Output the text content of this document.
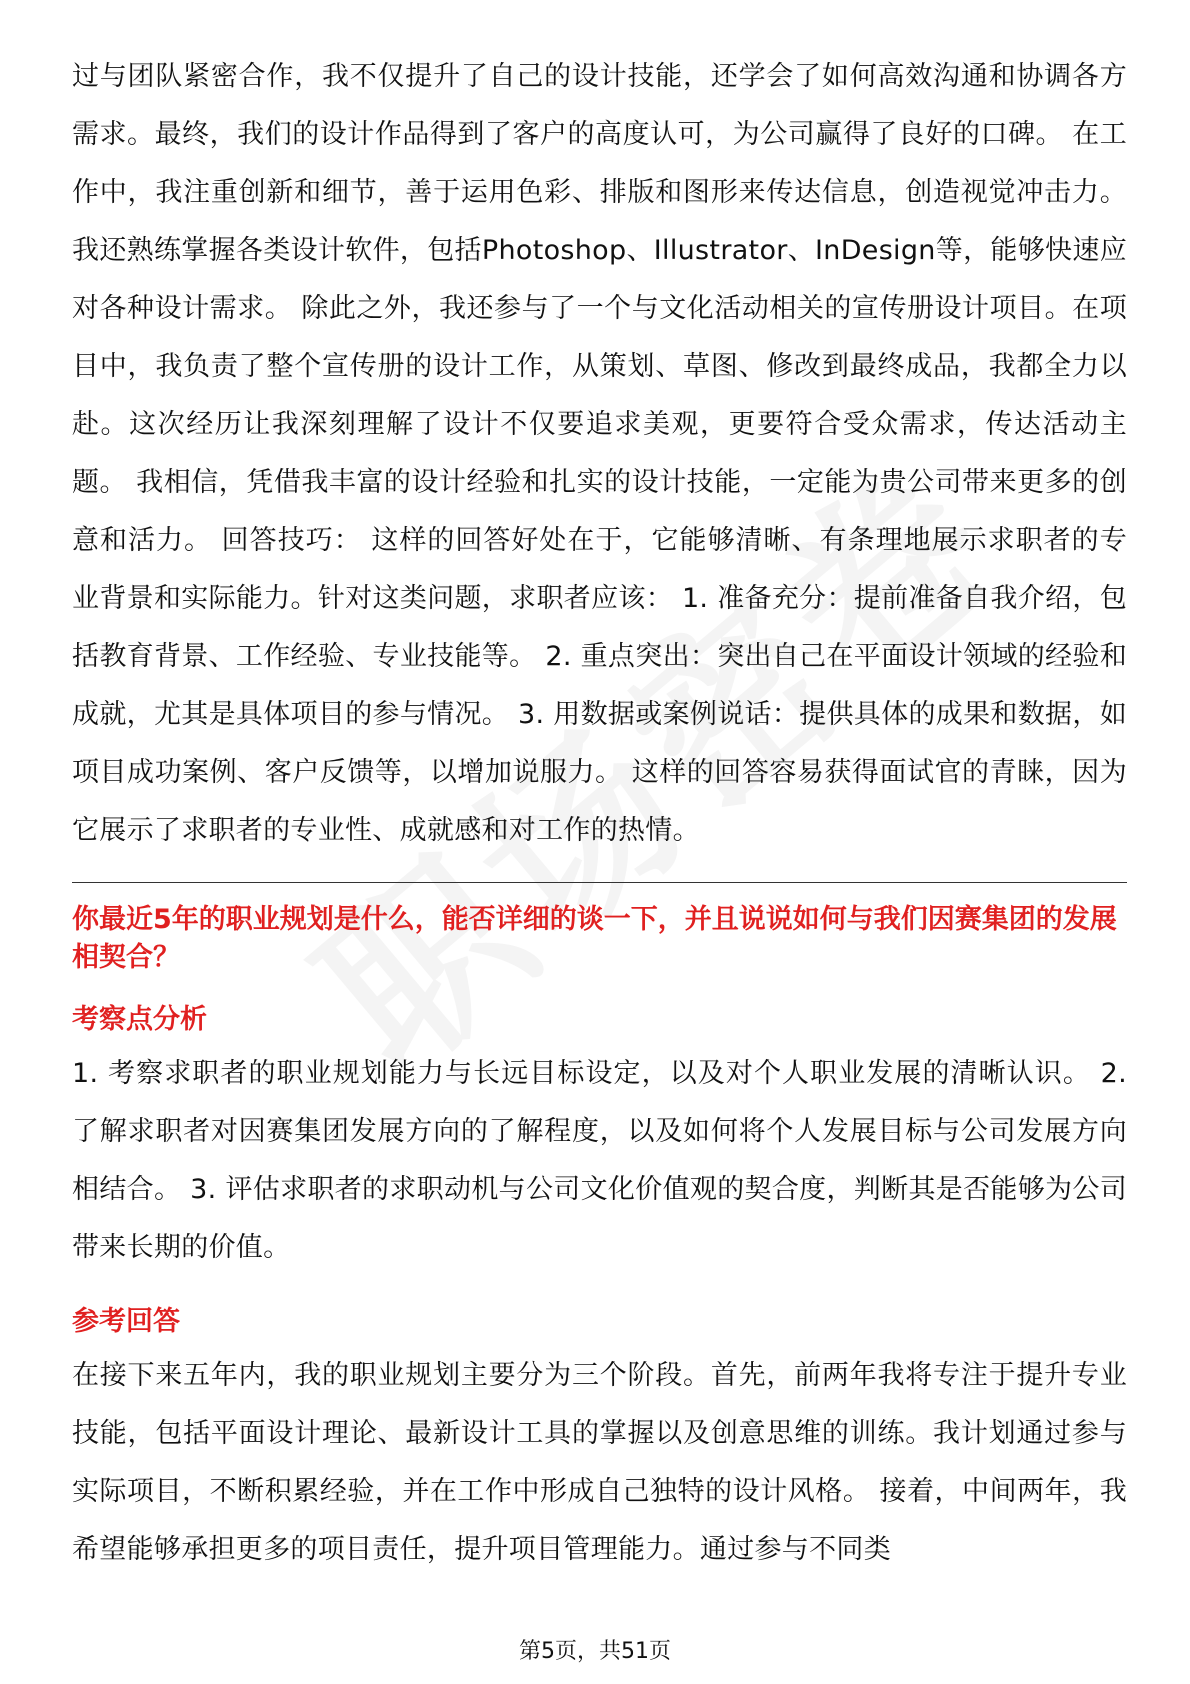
过与团队紧密合作，我不仅提升了自己的设计技能，还学会了如何高效沟通和协调各方需求。最终，我们的设计作品得到了客户的高度认可，为公司赢得了良好的口碑。 在工作中，我注重创新和细节，善于运用色彩、排版和图形来传达信息，创造视觉冲击力。我还熟练掌握各类设计软件，包括Photoshop、Illustrator、InDesign等，能够快速应对各种设计需求。 除此之外，我还参与了一个与文化活动相关的宣传册设计项目。在项目中，我负责了整个宣传册的设计工作，从策划、草图、修改到最终成品，我都全力以赴。这次经历让我深刻理解了设计不仅要追求美观，更要符合受众需求，传达活动主题。 我相信，凭借我丰富的设计经验和扎实的设计技能，一定能为贵公司带来更多的创意和活力。 回答技巧： 这样的回答好处在于，它能够清晰、有条理地展示求职者的专业背景和实际能力。针对这类问题，求职者应该： 1. 准备充分：提前准备自我介绍，包括教育背景、工作经验、专业技能等。 2. 重点突出：突出自己在平面设计领域的经验和成就，尤其是具体项目的参与情况。 3. 用数据或案例说话：提供具体的成果和数据，如项目成功案例、客户反馈等，以增加说服力。 这样的回答容易获得面试官的青睐，因为它展示了求职者的专业性、成就感和对工作的热情。

你最近5年的职业规划是什么，能否详细的谈一下，并且说说如何与我们因赛集团的发展相契合？

考察点分析

1. 考察求职者的职业规划能力与长远目标设定，以及对个人职业发展的清晰认识。 2. 了解求职者对因赛集团发展方向的了解程度，以及如何将个人发展目标与公司发展方向相结合。 3. 评估求职者的求职动机与公司文化价值观的契合度，判断其是否能够为公司带来长期的价值。

参考回答

在接下来五年内，我的职业规划主要分为三个阶段。首先，前两年我将专注于提升专业技能，包括平面设计理论、最新设计工具的掌握以及创意思维的训练。我计划通过参与实际项目，不断积累经验，并在工作中形成自己独特的设计风格。 接着，中间两年，我希望能够承担更多的项目责任，提升项目管理能力。通过参与不同类

第5页，共51页
